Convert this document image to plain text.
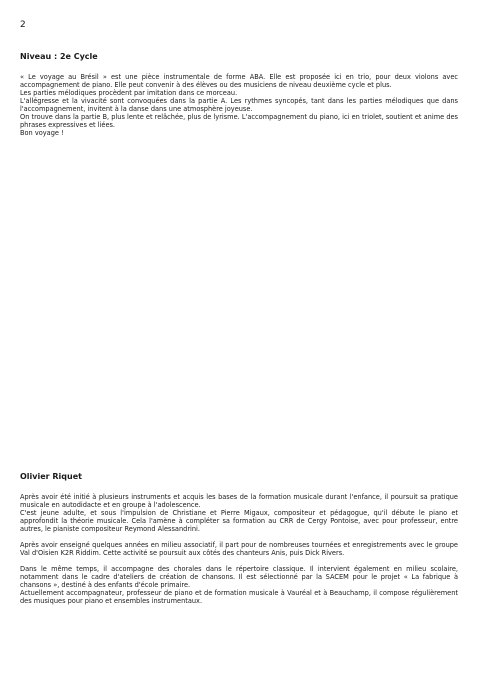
2

Niveau : 2e Cycle

« Le voyage au Brésil » est une pièce instrumentale de forme ABA. Elle est proposée ici en trio, pour deux violons avec accompagnement de piano. Elle peut convenir à des élèves ou des musiciens de niveau deuxième cycle et plus.

Les parties mélodiques procèdent par imitation dans ce morceau.

L'allégresse et la vivacité sont convoquées dans la partie A. Les rythmes syncopés, tant dans les parties mélodiques que dans l'accompagnement, invitent à la danse dans une atmosphère joyeuse.

On trouve dans la partie B, plus lente et relâchée, plus de lyrisme. L'accompagnement du piano, ici en triolet, soutient et anime des phrases expressives et liées.

Bon voyage !

Olivier Riquet

Après avoir été initié à plusieurs instruments et acquis les bases de la formation musicale durant l'enfance, il poursuit sa pratique musicale en autodidacte et en groupe à l'adolescence.

C'est jeune adulte, et sous l'impulsion de Christiane et Pierre Migaux, compositeur et pédagogue, qu'il débute le piano et approfondit la théorie musicale. Cela l'amène à compléter sa formation au CRR de Cergy Pontoise, avec pour professeur, entre autres, le pianiste compositeur Reymond Alessandrini.

Après avoir enseigné quelques années en milieu associatif, il part pour de nombreuses tournées et enregistrements avec le groupe Val d'Oisien K2R Riddim. Cette activité se poursuit aux côtés des chanteurs Anis, puis Dick Rivers.

Dans le même temps, il accompagne des chorales dans le répertoire classique. Il intervient également en milieu scolaire, notamment dans le cadre d'ateliers de création de chansons. Il est sélectionné par la SACEM pour le projet « La fabrique à chansons », destiné à des enfants d'école primaire.

Actuellement accompagnateur, professeur de piano et de formation musicale à Vauréal et à Beauchamp, il compose régulièrement des musiques pour piano et ensembles instrumentaux.
